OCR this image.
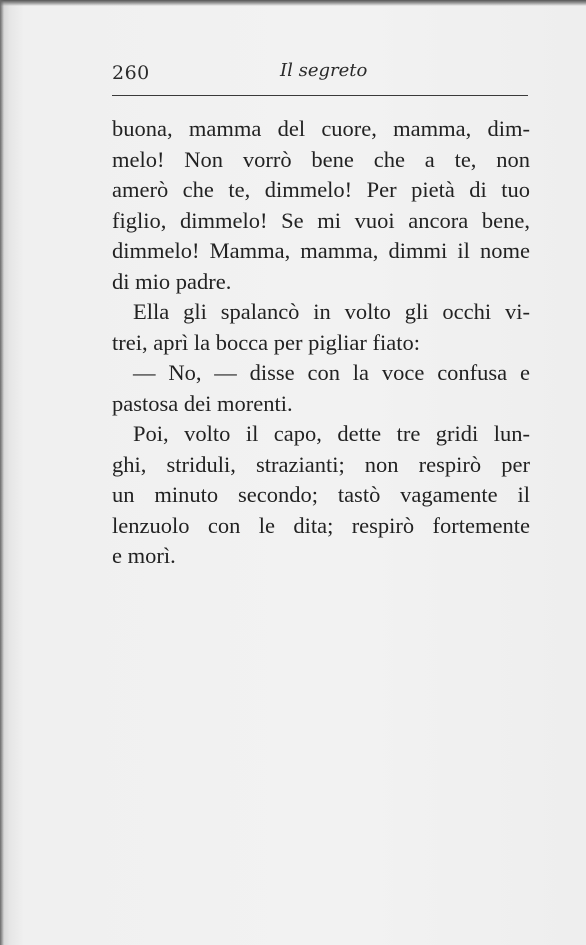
260	Il segreto

buona, mamma del cuore, mamma, dim-

melo! Non vorrò bene che a te, non

amerò che te, dimmelo! Per pietà di tuo

figlio, dimmelo! Se mi vuoi ancora bene,

dimmelo! Mamma, mamma, dimmi il nome

di mio padre.

Ella gli spalancò in volto gli occhi vi-

trei, aprì la bocca per pigliar fiato:

— No, — disse con la voce confusa e

pastosa dei morenti.

Poi, volto il capo, dette tre gridi lun-

ghi, striduli, strazianti; non respirò per

un minuto secondo; tastò vagamente il

lenzuolo con le dita; respirò fortemente

e morì.
